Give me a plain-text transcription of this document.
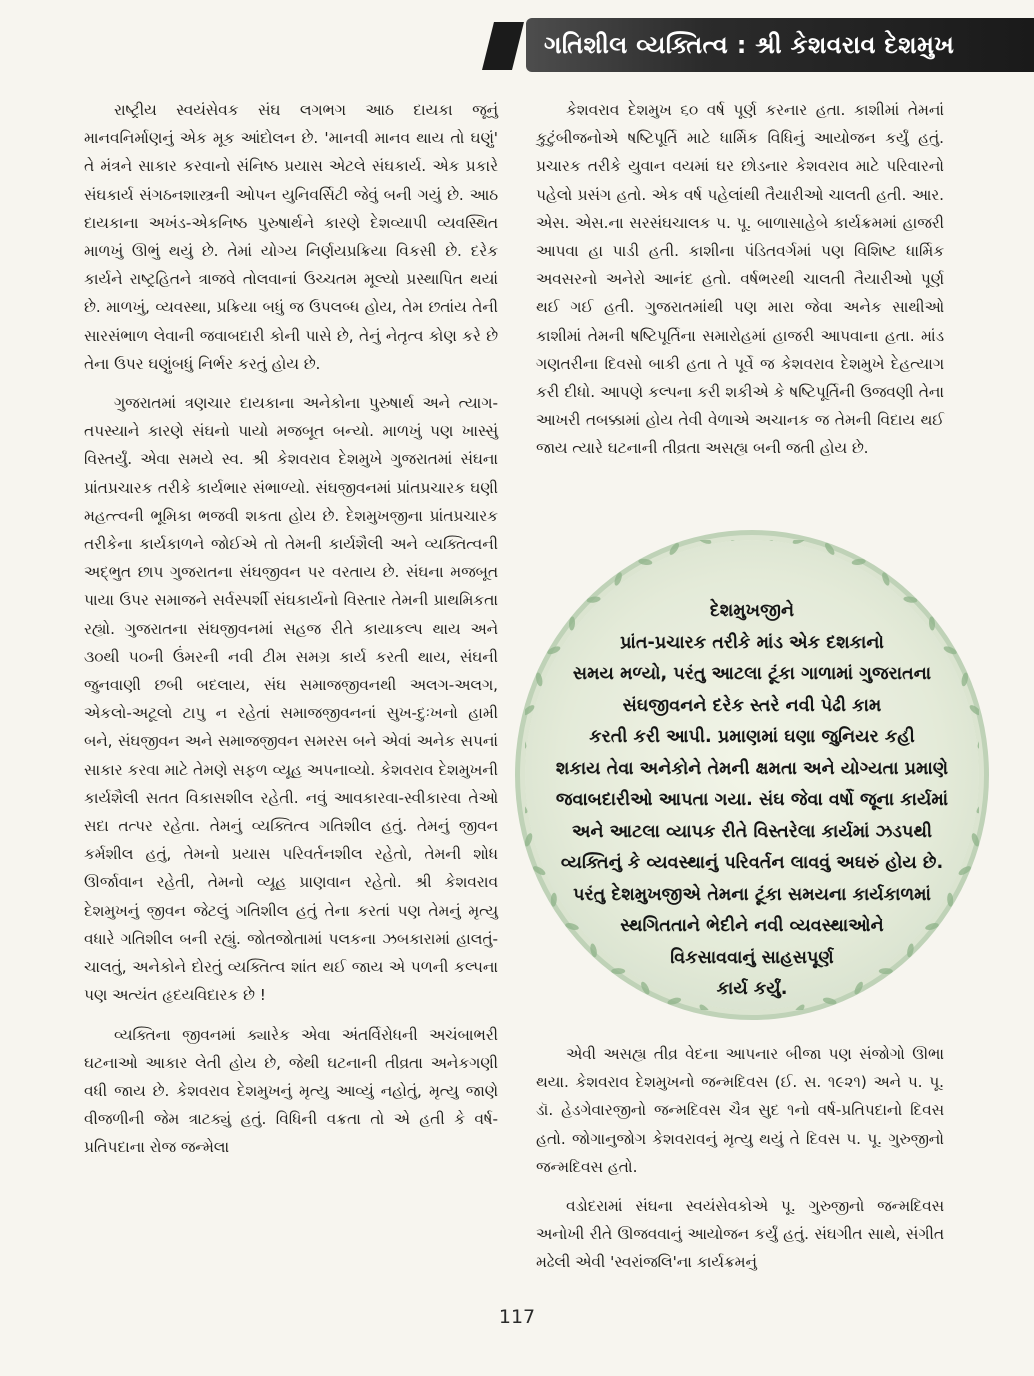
ગતિશીલ વ્યક્તિત્વ : શ્રી કેશવરાવ દેશમુખ

રાષ્ટ્રીય સ્વયંસેવક સંઘ લગભગ આઠ દાયકા જૂનું માનવનિર્માણનું એક મૂક આંદોલન છે. 'માનવી માનવ થાય તો ઘણું' તે મંત્રને સાકાર કરવાનો સંનિષ્ઠ પ્રયાસ એટલે સંઘકાર્ય. એક પ્રકારે સંઘકાર્ય સંગઠનશાસ્ત્રની ઓપન યુનિવર્સિટી જેવું બની ગયું છે. આઠ દાયકાના અખંડ-એકનિષ્ઠ પુરુષાર્થને કારણે દેશવ્યાપી વ્યવસ્થિત માળખું ઊભું થયું છે. તેમાં યોગ્ય નિર્ણયપ્રક્રિયા વિકસી છે. દરેક કાર્યને રાષ્ટ્રહિતને ત્રાજવે તોલવાનાં ઉચ્ચતમ મૂલ્યો પ્રસ્થાપિત થયાં છે. માળખું, વ્યવસ્થા, પ્રક્રિયા બધું જ ઉપલબ્ધ હોય, તેમ છતાંય તેની સારસંભાળ લેવાની જવાબદારી કોની પાસે છે, તેનું નેતૃત્વ કોણ કરે છે તેના ઉપર ઘણુંબધું નિર્ભર કરતું હોય છે.

ગુજરાતમાં ત્રણચાર દાયકાના અનેકોના પુરુષાર્થ અને ત્યાગ-તપસ્યાને કારણે સંઘનો પાયો મજબૂત બન્યો. માળખું પણ ખાસ્સું વિસ્તર્યું. એવા સમયે સ્વ. શ્રી કેશવરાવ દેશમુખે ગુજરાતમાં સંઘના પ્રાંતપ્રચારક તરીકે કાર્યભાર સંભાળ્યો. સંઘજીવનમાં પ્રાંતપ્રચારક ઘણી મહત્ત્વની ભૂમિકા ભજવી શકતા હોય છે. દેશમુખજીના પ્રાંતપ્રચારક તરીકેના કાર્યકાળને જોઈએ તો તેમની કાર્યશૈલી અને વ્યક્તિત્વની અદ્ભુત છાપ ગુજરાતના સંઘજીવન પર વરતાય છે. સંઘના મજબૂત પાયા ઉપર સમાજને સર્વસ્પર્શી સંઘકાર્યનો વિસ્તાર તેમની પ્રાથમિકતા રહ્યો. ગુજરાતના સંઘજીવનમાં સહજ રીતે કાયાકલ્પ થાય અને ૩૦થી ૫૦ની ઉંમરની નવી ટીમ સમગ્ર કાર્ય કરતી થાય, સંઘની જુનવાણી છબી બદલાય, સંઘ સમાજજીવનથી અલગ-અલગ, એકલો-અટૂલો ટાપુ ન રહેતાં સમાજજીવનનાં સુખ-દુઃખનો હામી બને, સંઘજીવન અને સમાજજીવન સમરસ બને એવાં અનેક સપનાં સાકાર કરવા માટે તેમણે સફળ વ્યૂહ અપનાવ્યો. કેશવરાવ દેશમુખની કાર્યશૈલી સતત વિકાસશીલ રહેતી. નવું આવકારવા-સ્વીકારવા તેઓ સદા તત્પર રહેતા. તેમનું વ્યક્તિત્વ ગતિશીલ હતું. તેમનું જીવન કર્મશીલ હતું, તેમનો પ્રયાસ પરિવર્તનશીલ રહેતો, તેમની શોધ ઊર્જાવાન રહેતી, તેમનો વ્યૂહ પ્રાણવાન રહેતો. શ્રી કેશવરાવ દેશમુખનું જીવન જેટલું ગતિશીલ હતું તેના કરતાં પણ તેમનું મૃત્યુ વધારે ગતિશીલ બની રહ્યું. જોતજોતામાં પલકના ઝબકારામાં હાલતું-ચાલતું, અનેકોને દોરતું વ્યક્તિત્વ શાંત થઈ જાય એ પળની કલ્પના પણ અત્યંત હૃદયવિદારક છે !

વ્યક્તિના જીવનમાં ક્યારેક એવા અંતર્વિરોધની અચંબાભરી ઘટનાઓ આકાર લેતી હોય છે, જેથી ઘટનાની તીવ્રતા અનેકગણી વધી જાય છે. કેશવરાવ દેશમુખનું મૃત્યુ આવ્યું નહોતું, મૃત્યુ જાણે વીજળીની જેમ ત્રાટક્યું હતું. વિધિની વક્રતા તો એ હતી કે વર્ષ-પ્રતિપદાના રોજ જન્મેલા

કેશવરાવ દેશમુખ ૬૦ વર્ષ પૂર્ણ કરનાર હતા. કાશીમાં તેમનાં કુટુંબીજનોએ ષષ્ટિપૂર્તિ માટે ધાર્મિક વિધિનું આયોજન કર્યું હતું. પ્રચારક તરીકે યુવાન વયમાં ઘર છોડનાર કેશવરાવ માટે પરિવારનો પહેલો પ્રસંગ હતો. એક વર્ષ પહેલાંથી તૈયારીઓ ચાલતી હતી. આર. એસ. એસ.ના સરસંઘચાલક પ. પૂ. બાળાસાહેબે કાર્યક્રમમાં હાજરી આપવા હા પાડી હતી. કાશીના પંડિતવર્ગમાં પણ વિશિષ્ટ ધાર્મિક અવસરનો અનેરો આનંદ હતો. વર્ષભરથી ચાલતી તૈયારીઓ પૂર્ણ થઈ ગઈ હતી. ગુજરાતમાંથી પણ મારા જેવા અનેક સાથીઓ કાશીમાં તેમની ષષ્ટિપૂર્તિના સમારોહમાં હાજરી આપવાના હતા. માંડ ગણતરીના દિવસો બાકી હતા તે પૂર્વે જ કેશવરાવ દેશમુખે દેહત્યાગ કરી દીધો. આપણે કલ્પના કરી શકીએ કે ષષ્ટિપૂર્તિની ઉજવણી તેના આખરી તબક્કામાં હોય તેવી વેળાએ અચાનક જ તેમની વિદાય થઈ જાય ત્યારે ઘટનાની તીવ્રતા અસહ્ય બની જતી હોય છે.

દેશમુખજીને
પ્રાંત-પ્રચારક તરીકે માંડ એક દશકાનો
સમય મળ્યો, પરંતુ આટલા ટૂંકા ગાળામાં ગુજરાતના
સંઘજીવનને દરેક સ્તરે નવી પેઢી કામ
કરતી કરી આપી. પ્રમાણમાં ઘણા જુનિયર કહી
શકાય તેવા અનેકોને તેમની ક્ષમતા અને યોગ્યતા પ્રમાણે
જવાબદારીઓ આપતા ગયા. સંઘ જેવા વર્ષો જૂના કાર્યમાં
અને આટલા વ્યાપક રીતે વિસ્તરેલા કાર્યમાં ઝડપથી
વ્યક્તિનું કે વ્યવસ્થાનું પરિવર્તન લાવવું અઘરું હોય છે.
પરંતુ દેશમુખજીએ તેમના ટૂંકા સમયના કાર્યકાળમાં
સ્થગિતતાને ભેદીને નવી વ્યવસ્થાઓને
વિકસાવવાનું સાહસપૂર્ણ
કાર્ય કર્યું.

એવી અસહ્ય તીવ્ર વેદના આપનાર બીજા પણ સંજોગો ઊભા થયા. કેશવરાવ દેશમુખનો જન્મદિવસ (ઈ. સ. ૧૯૨૧) અને પ. પૂ. ડૉ. હેડગેવારજીનો જન્મદિવસ ચૈત્ર સુદ ૧નો વર્ષ-પ્રતિપદાનો દિવસ હતો. જોગાનુજોગ કેશવરાવનું મૃત્યુ થયું તે દિવસ પ. પૂ. ગુરુજીનો જન્મદિવસ હતો.

વડોદરામાં સંઘના સ્વયંસેવકોએ પૂ. ગુરુજીનો જન્મદિવસ અનોખી રીતે ઊજવવાનું આયોજન કર્યું હતું. સંઘગીત સાથે, સંગીત મઢેલી એવી 'સ્વરાંજલિ'ના કાર્યક્રમનું

117
